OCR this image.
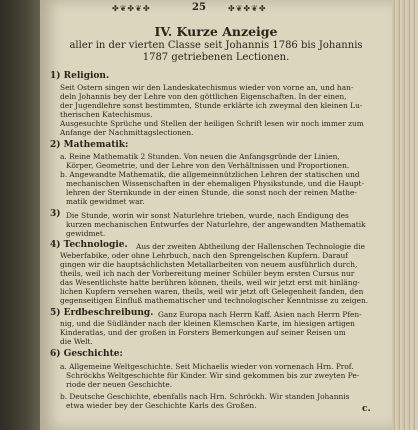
✤❦✤❦✤	25	✤❦✤❦✤
IV. Kurze Anzeige
aller in der vierten Classe seit Johannis 1786 bis Johannis
1787 getriebenen Lectionen.
1) Religion.
Seit Ostern singen wir den Landeskatechismus wieder von vorne an, und han-
deln Johannis bey der Lehre von den göttlichen Eigenschaften. In der einen,
der Jugendlehre sonst bestimmten, Stunde erklärte ich zweymal den kleinen Lu-
therischen Katechismus.
Ausgesuchte Sprüche und Stellen der heiligen Schrift lesen wir noch immer zum
Anfange der Nachmittagslectionen.
2) Mathematik:
a. Reine Mathematik 2 Stunden. Von neuen die Anfangsgründe der Linien,
Körper, Geometrie, und der Lehre von den Verhältnissen und Proportionen.
b. Angewandte Mathematik, die allgemeinnützlichen Lehren der statischen und
mechanischen Wissenschaften in der ehemaligen Physikstunde, und die Haupt-
lehren der Sternkunde in der einen Stunde, die sonst noch der reinen Mathe-
matik gewidmet war.
3) Die Stunde, worin wir sonst Naturlehre trieben, wurde, nach Endigung des
kurzen mechanischen Entwurfes der Naturlehre, der angewandten Mathematik
gewidmet.
4) Technologie. Aus der zweiten Abtheilung der Hallenschen Technologie die
Weberfabike, oder ohne Lehrbuch, nach den Sprengelschen Kupfern. Darauf
gingen wir die hauptsächlichsten Metallarbeiten von neuem ausführlich durch,
theils, weil ich nach der Vorbereitung meiner Schüler beym ersten Cursus nur
das Wesentlichste hatte berühren können, theils, weil wir jetzt erst mit hinläng-
lichen Kupfern versehen waren, theils, weil wir jetzt oft Gelegenheit fanden, den
gegenseitigen Einfluß mathematischer und technologischer Kenntnisse zu zeigen.
5) Erdbeschreibung. Ganz Europa nach Herrn Kaff. Asien nach Herrn Pfen-
nig, und die Südländer nach der kleinen Klemschen Karte, im hiesigen artigen
Kinderatlas, und der großen in Forsters Bemerkungen auf seiner Reisen um
die Welt.
6) Geschichte:
a. Allgemeine Weltgeschichte. Seit Michaelis wieder von vornenach Hrn. Prof.
Schröckhs Weltgeschichte für Kinder. Wir sind gekommen bis zur zweyten Pe-
riode der neuen Geschichte.
b. Deutsche Geschichte, ebenfalls nach Hrn. Schröckh. Wir standen Johannis
etwa wieder bey der Geschichte Karls des Großen.	c.
